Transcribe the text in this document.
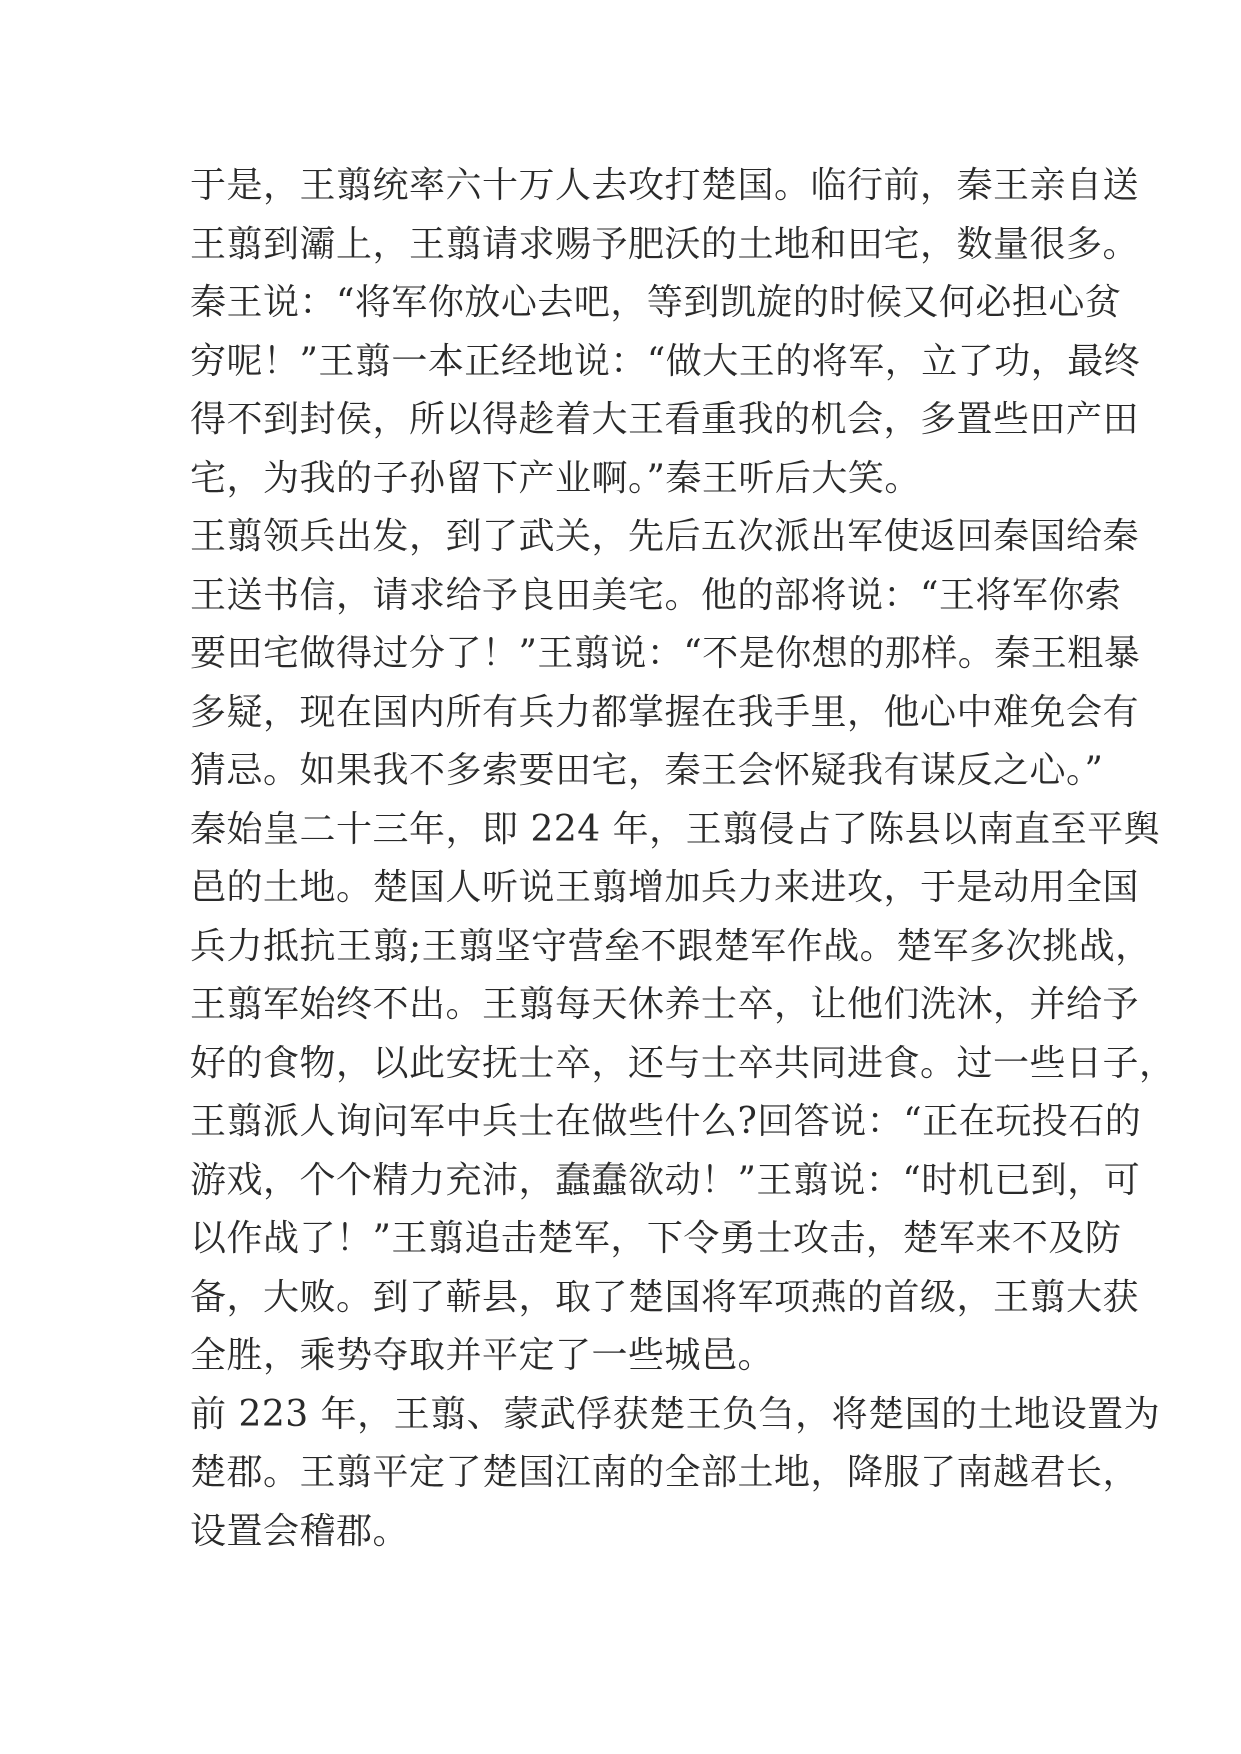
于是，王翦统率六十万人去攻打楚国。临行前，秦王亲自送
王翦到灞上，王翦请求赐予肥沃的土地和田宅，数量很多。
秦王说：“将军你放心去吧，等到凯旋的时候又何必担心贫
穷呢！”王翦一本正经地说：“做大王的将军，立了功，最终
得不到封侯，所以得趁着大王看重我的机会，多置些田产田
宅，为我的子孙留下产业啊。”秦王听后大笑。

王翦领兵出发，到了武关，先后五次派出军使返回秦国给秦
王送书信，请求给予良田美宅。他的部将说：“王将军你索
要田宅做得过分了！”王翦说：“不是你想的那样。秦王粗暴
多疑，现在国内所有兵力都掌握在我手里，他心中难免会有
猜忌。如果我不多索要田宅，秦王会怀疑我有谋反之心。”

秦始皇二十三年，即 224 年，王翦侵占了陈县以南直至平舆
邑的土地。楚国人听说王翦增加兵力来进攻，于是动用全国
兵力抵抗王翦;王翦坚守营垒不跟楚军作战。楚军多次挑战，
王翦军始终不出。王翦每天休养士卒，让他们洗沐，并给予
好的食物，以此安抚士卒，还与士卒共同进食。过一些日子，
王翦派人询问军中兵士在做些什么?回答说：“正在玩投石的
游戏，个个精力充沛，蠢蠢欲动！”王翦说：“时机已到，可
以作战了！”王翦追击楚军，下令勇士攻击，楚军来不及防
备，大败。到了蕲县，取了楚国将军项燕的首级，王翦大获
全胜，乘势夺取并平定了一些城邑。

前 223 年，王翦、蒙武俘获楚王负刍，将楚国的土地设置为
楚郡。王翦平定了楚国江南的全部土地，降服了南越君长，
设置会稽郡。
